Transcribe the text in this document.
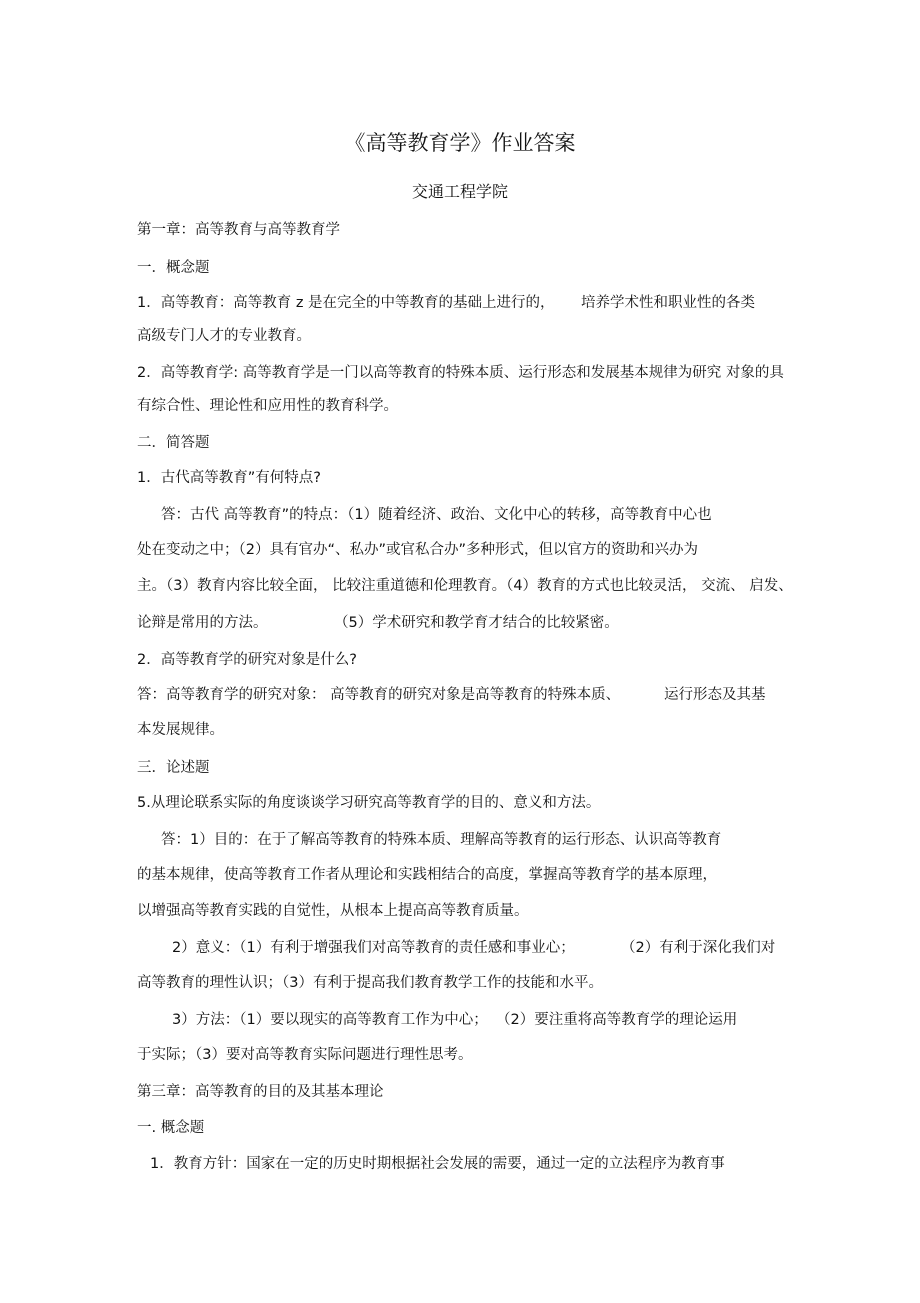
《高等教育学》作业答案
交通工程学院
第一章：高等教育与高等教育学
一．概念题
1．高等教育：高等教育 z 是在完全的中等教育的基础上进行的， 培养学术性和职业性的各类
高级专门人才的专业教育。
2．高等教育学: 高等教育学是一门以高等教育的特殊本质、运行形态和发展基本规律为研究 对象的具
有综合性、理论性和应用性的教育科学。
二．简答题
1．古代高等教育”有何特点?
答：古代 高等教育”的特点：（1）随着经济、政治、文化中心的转移，高等教育中心也
处在变动之中；（2）具有官办“、私办”或官私合办”多种形式，但以官方的资助和兴办为
主。（3）教育内容比较全面， 比较注重道德和伦理教育。（4）教育的方式也比较灵活， 交流、 启发、
论辩是常用的方法。	（5）学术研究和教学育才结合的比较紧密。
2．高等教育学的研究对象是什么?
答：高等教育学的研究对象： 高等教育的研究对象是高等教育的特殊本质、	运行形态及其基
本发展规律。
三．论述题
5.从理论联系实际的角度谈谈学习研究高等教育学的目的、意义和方法。
答：1）目的：在于了解高等教育的特殊本质、理解高等教育的运行形态、认识高等教育
的基本规律，使高等教育工作者从理论和实践相结合的高度，掌握高等教育学的基本原理，
以增强高等教育实践的自觉性，从根本上提高高等教育质量。
2）意义：（1）有利于增强我们对高等教育的责任感和事业心；	（2）有利于深化我们对
高等教育的理性认识；（3）有利于提高我们教育教学工作的技能和水平。
3）方法：（1）要以现实的高等教育工作为中心； （2）要注重将高等教育学的理论运用
于实际；（3）要对高等教育实际问题进行理性思考。
第三章：高等教育的目的及其基本理论
一. 概念题
1．教育方针：国家在一定的历史时期根据社会发展的需要，通过一定的立法程序为教育事
